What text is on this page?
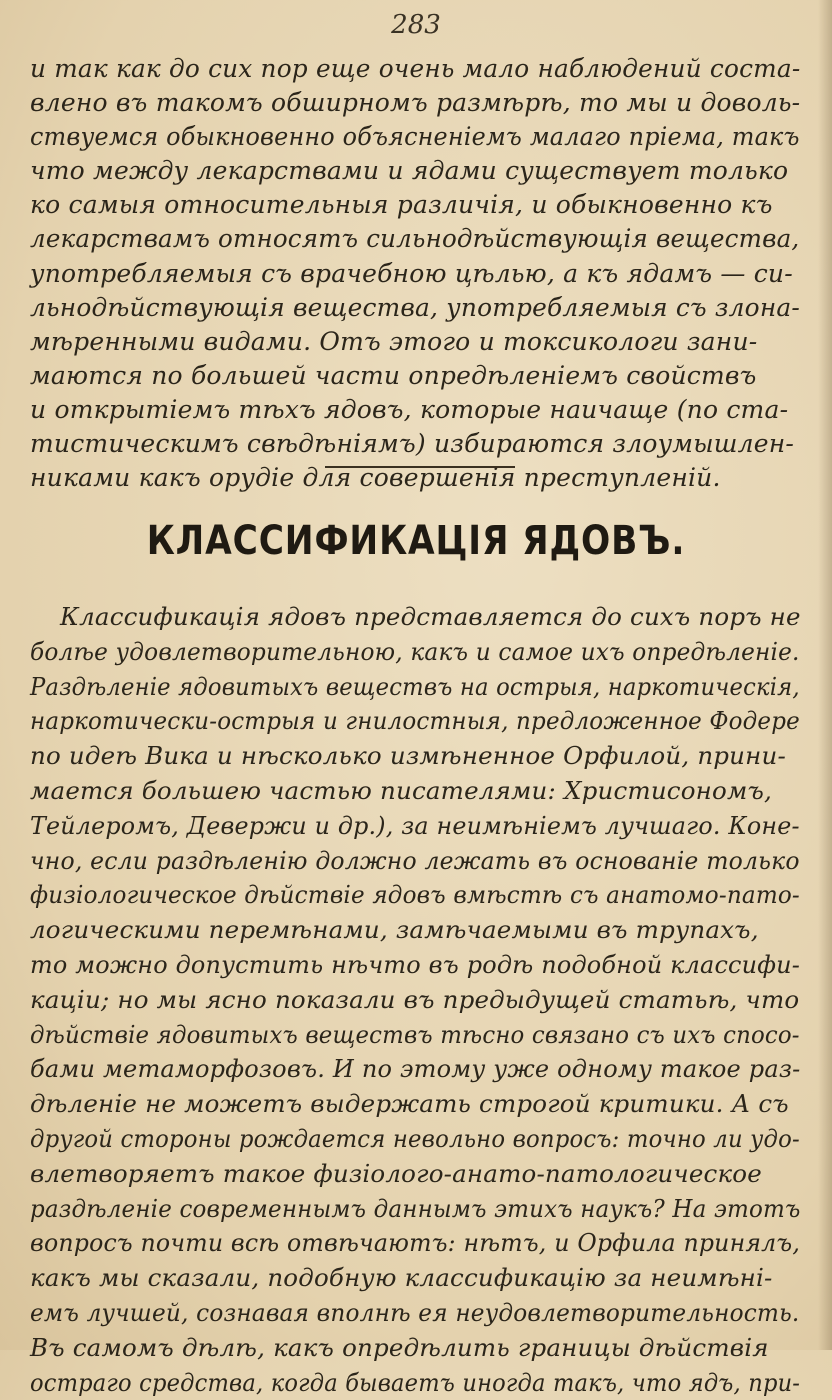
283
и так как до сих пор еще очень мало наблюдений соста-
влено въ такомъ обширномъ размѣрѣ, то мы и доволь-
ствуемся обыкновенно объясненiемъ малаго прiема, такъ
что между лекарствами и ядами существует только
ко самыя относительныя различiя, и обыкновенно къ
лекарствамъ относятъ сильнодѣйствующiя вещества,
употребляемыя съ врачебною цѣлью, а къ ядамъ — си-
льнодѣйствующiя вещества, употребляемыя съ злона-
мѣренными видами. Отъ этого и токсикологи зани-
маются по большей части опредѣленiемъ свойствъ
и открытiемъ тѣхъ ядовъ, которые наичаще (по ста-
тистическимъ свѣдѣнiямъ) избираются злоумышлен-
никами какъ орудiе для совершенiя преступленiй.
КЛАССИФИКАЦIЯ ЯДОВЪ.
Классификацiя ядовъ представляется до сихъ поръ не
болѣе удовлетворительною, какъ и самое ихъ опредѣленiе.
Раздѣленiе ядовитыхъ веществъ на острыя, наркотическiя,
наркотически-острыя и гнилостныя, предложенное Фодере
по идеѣ Вика и нѣсколько измѣненное Орфилой, прини-
мается большею частью писателями: Христисономъ,
Тейлеромъ, Девержи и др.), за неимѣнiемъ лучшаго. Коне-
чно, если раздѣленiю должно лежать въ основанiе только
физiологическое дѣйствiе ядовъ вмѣстѣ съ анатомо-пато-
логическими перемѣнами, замѣчаемыми въ трупахъ,
то можно допустить нѣчто въ родѣ подобной классифи-
кацiи; но мы ясно показали въ предыдущей статьѣ, что
дѣйствiе ядовитыхъ веществъ тѣсно связано съ ихъ спосо-
бами метаморфозовъ. И по этому уже одному такое раз-
дѣленiе не можетъ выдержать строгой критики. А съ
другой стороны рождается невольно вопросъ: точно ли удо-
влетворяетъ такое физiолого-анато-патологическое
раздѣленiе современнымъ даннымъ этихъ наукъ? На этотъ
вопросъ почти всѣ отвѣчаютъ: нѣтъ, и Орфила принялъ,
какъ мы сказали, подобную классификацiю за неимѣнi-
емъ лучшей, сознавая вполнѣ ея неудовлетворительность.
Въ самомъ дѣлѣ, какъ опредѣлить границы дѣйствiя
остраго средства, когда бываетъ иногда такъ, что ядъ, при-
